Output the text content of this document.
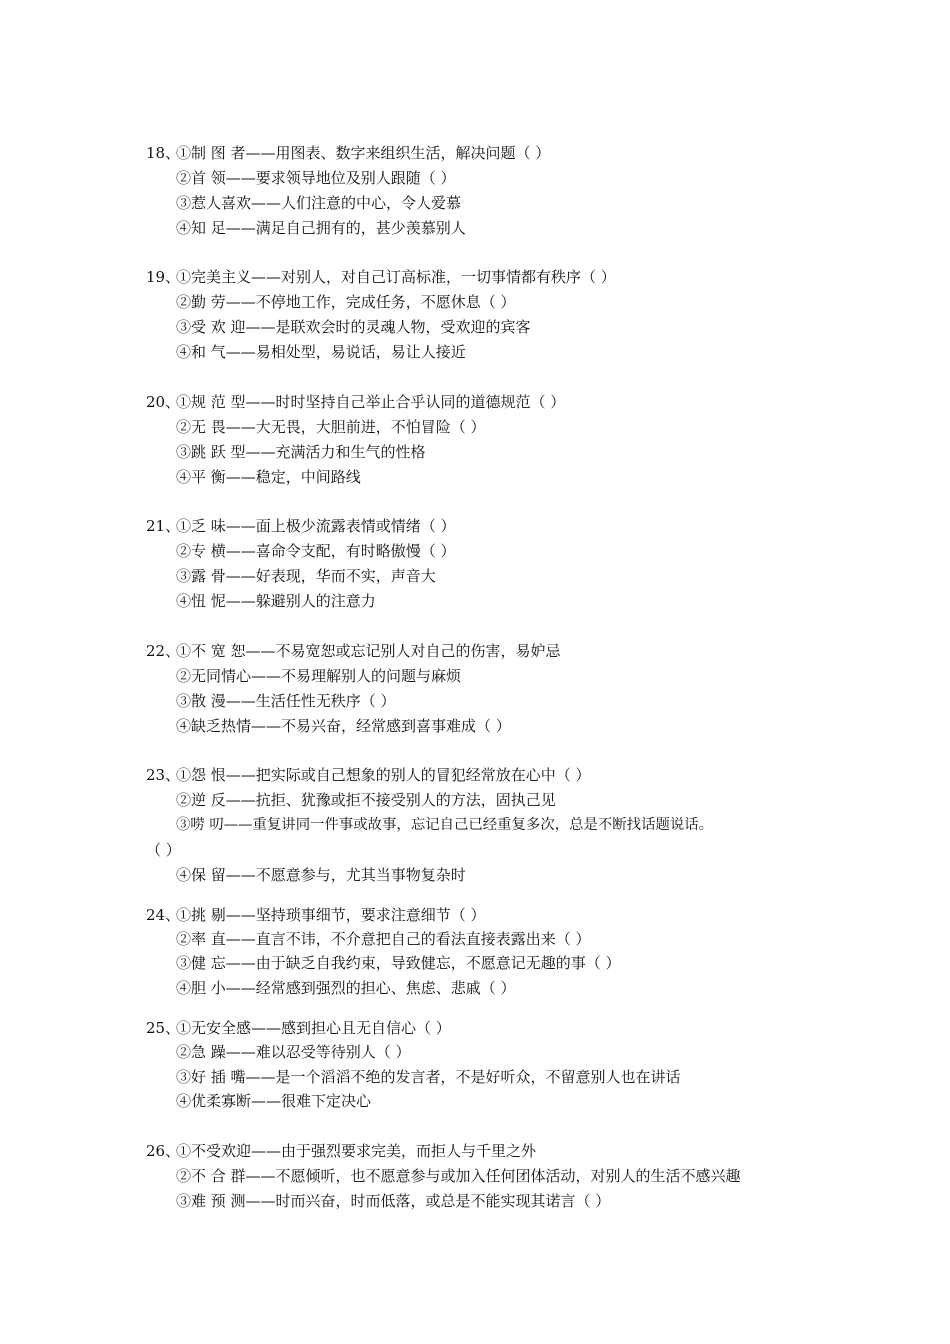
18、
①制 图 者——用图表、数字来组织生活，解决问题（ ）
②首 领——要求领导地位及别人跟随（ ）
③惹人喜欢——人们注意的中心，令人爱慕
④知 足——满足自己拥有的，甚少羡慕别人
19、
①完美主义——对别人，对自己订高标准，一切事情都有秩序（ ）
②勤 劳——不停地工作，完成任务，不愿休息（ ）
③受 欢 迎——是联欢会时的灵魂人物，受欢迎的宾客
④和 气——易相处型，易说话，易让人接近
20、
①规 范 型——时时坚持自己举止合乎认同的道德规范（ ）
②无 畏——大无畏，大胆前进，不怕冒险（ ）
③跳 跃 型——充满活力和生气的性格
④平 衡——稳定，中间路线
21、
①乏 味——面上极少流露表情或情绪（ ）
②专 横——喜命令支配，有时略傲慢（ ）
③露 骨——好表现，华而不实，声音大
④忸 怩——躲避别人的注意力
22、
①不 宽 恕——不易宽恕或忘记别人对自己的伤害，易妒忌
②无同情心——不易理解别人的问题与麻烦
③散 漫——生活任性无秩序（ ）
④缺乏热情——不易兴奋，经常感到喜事难成（ ）
23、
①怨 恨——把实际或自己想象的别人的冒犯经常放在心中（ ）
②逆 反——抗拒、犹豫或拒不接受别人的方法，固执己见
③唠 叨——重复讲同一件事或故事，忘记自己已经重复多次，总是不断找话题说话。
（ ）
④保 留——不愿意参与，尤其当事物复杂时
24、
①挑 剔——坚持琐事细节，要求注意细节（ ）
②率 直——直言不讳，不介意把自己的看法直接表露出来（ ）
③健 忘——由于缺乏自我约束，导致健忘，不愿意记无趣的事（ ）
④胆 小——经常感到强烈的担心、焦虑、悲戚（ ）
25、
①无安全感——感到担心且无自信心（ ）
②急 躁——难以忍受等待别人（ ）
③好 插 嘴——是一个滔滔不绝的发言者，不是好听众，不留意别人也在讲话
④优柔寡断——很难下定决心
26、
①不受欢迎——由于强烈要求完美，而拒人与千里之外
②不 合 群——不愿倾听，也不愿意参与或加入任何团体活动，对别人的生活不感兴趣
③难 预 测——时而兴奋，时而低落，或总是不能实现其诺言（ ）
